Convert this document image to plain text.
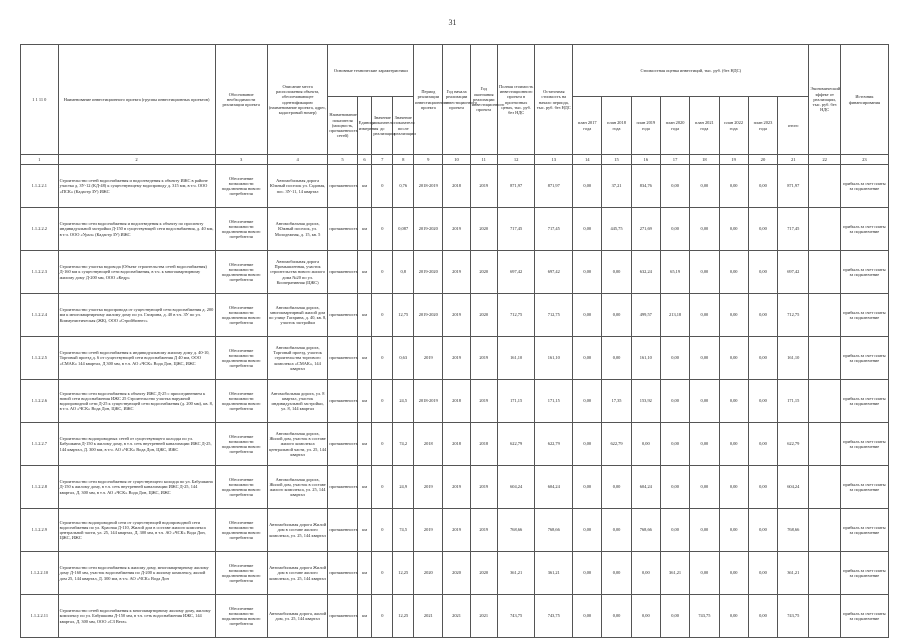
31
1 1 11 0	Наименование инвестиционного проекта (группы инвестиционных проектов)	Обоснование необходимости реализации проекта	Описание места расположения объекта, обеспечивающее идентификацию (наименование проекта, адрес, кадастровый номер)	Основные технические характеристики				Период реализации инвестиционного проекта	Год начала реализации инвестиционного проекта	Год окончания реализации инвестиционного проекта	Полная стоимость инвестиционного проекта в прогнозных ценах, тыс. руб. без НДС	Остаточная стоимость на начало периода, тыс. руб. без НДС	Стоимостная оценка инвестиций, тыс. руб. (без НДС)								Экономический эффект от реализации, тыс. руб. без НДС	Источник финансирования
				Наименование показателя (мощность, протяженность сетей)	Единица измерения	Значение показателя до реализации	Значение показателя после реализации						план 2017 года	план 2018 года	план 2019 года	план 2020 года	план 2021 года	план 2022 года	план 2023 года	итого		
1	2	3	4	5	6	7	8	9	10	11	12	13	14	15	16	17	18	19	20	21	22	23
1.1.2.2.1	Строительство сетей водоснабжения и водоотведения к объекту ИЖС в районе участка д. ЗУ-12 (КД-48) к существующему водопроводу д. 315 мм, в т.ч. ООО «ПСК» (Кадастр ЗУ) ИЖС	Обеспечение возможности подключения нового потребителя	Автомобильная дорога Южный поселок ул. Садовая, пос. ЗУ-11, 14 квартал	протяженность	км	0	0,76	2018-2019	2018	2019	871,97	871,97	0,00	37,21	834,76	0,00	0,00	0,00	0,00	871,97		прибыль за счет платы за подключение
1.1.2.2.2	Строительство сети водоснабжения и водоотведения к объекту по проспекту индивидуальной застройки Д-150 в существующей сети водоснабжения, д. 40 мм, в т.ч. ООО «Урал» (Кадастр ЗУ) ИЖС	Обеспечение возможности подключения нового потребителя	Автомобильная дорога, Южный поселок, ул. Молодежная, д. 15, кв. 5	протяженность	км	0	0,087	2019-2020	2019	2020	717,45	717,45	0,00	445,75	271,69	0,00	0,00	0,00	0,00	717,45		прибыль за счет платы за подключение
1.1.2.2.3	Строительство участка водовода (Объект строительства сетей водоснабжения) Д-160 мм к существующей сети водоснабжения, в т.ч. к многоквартирному жилому дому Д-200 мм, ООО «Кедр»	Обеспечение возможности подключения нового потребителя	Автомобильная дорога Промышленная, участок строительства нового жилого дома №20 по ул. Кооперативная (ЦЖС)	протяженность	км	0	0,8	2019-2020	2019	2020	697,42	697,42	0,00	0,00	632,24	65,19	0,00	0,00	0,00	697,42		прибыль за счет платы за подключение
1.1.2.2.4	Строительство участка водопровода от существующей сети водоснабжения д. 200 мм к многоквартирному жилому дому по ул. Гагарина, д. 40 в т.ч. ЗУ по ул. Коммунистическая (ЖК), ООО «Стройбизнес»	Обеспечение возможности подключения нового потребителя	Автомобильная дорога, многоквартирный жилой дом по улице Гагарина, д. 40, кв. 8, участок застройки	протяженность	км	0	12,75	2019-2020	2019	2020	712,75	712,75	0,00	0,00	499,57	213,18	0,00	0,00	0,00	712,75		прибыль за счет платы за подключение
1.1.2.2.5	Строительство сетей водоснабжения к индивидуальному жилому дому д. 40-10, Торговый проезд д. 6 от существующей сети водоснабжения Д 40 мм, ООО «СМАК» 144 квартал, Д 300 мм, в т.ч. АО «ЧСК» Вода Дон, ЦЖС, ИЖС	Обеспечение возможности подключения нового потребителя	Автомобильная дорога, Торговый проезд, участок строительства торгового комплекса «СМАК», 144 квартал	протяженность	км	0	0,63	2019	2019	2019	161,10	161,10	0,00	0,00	161,10	0,00	0,00	0,00	0,00	161,10		прибыль за счет платы за подключение
1.1.2.2.6	Строительство сети водоснабжения к объекту ИЖС Д-25 с присоединением к новой сети водоснабжения ИЖС 25 Строительство участка наружной водопроводной сети Д-25 к существующей сети водоснабжения (д. 200 мм), кв. 8, в т.ч. АО «ЧСК» Вода Дон, ЦЖС, ИЖС	Обеспечение возможности подключения нового потребителя	Автомобильная дорога, ул. 8 квартал, участок индивидуальной застройки, ул. 8, 144 квартал	протяженность	км	0	24,5	2018-2019	2018	2019	171,15	171,15	0,00	17,35	153,92	0,00	0,00	0,00	0,00	171,15		прибыль за счет платы за подключение
1.1.2.2.7	Строительство водопроводных сетей от существующего колодца по ул. Бабушкина Д-150 к жилому дому, в т.ч. сеть внутренней канализации ИЖС Д-25, 144 квартал, Д. 300 мм, в т.ч. АО «ЧСК» Вода Дон, ЦЖС, ИЖС	Обеспечение возможности подключения нового потребителя	Автомобильная дорога, Жилой дом, участок в составе жилого комплекса центральной части, ул. 25, 144 квартал	протяженность	км	0	74,2	2018	2018	2018	622,79	622,79	0,00	622,79	0,00	0,00	0,00	0,00	0,00	622,79		прибыль за счет платы за подключение
1.1.2.2.8	Строительство сети водоснабжения от существующего колодца по ул. Бабушкина Д-150 к жилому дому, в т.ч. сеть внутренней канализации ИЖС Д-25, 144 квартал, Д. 300 мм, в т.ч. АО «ЧСК» Вода Дон, ЦЖС, ИЖС	Обеспечение возможности подключения нового потребителя	Автомобильная дорога, Жилой дом, участок в составе жилого комплекса, ул. 25, 144 квартал	протяженность	км	0	24,9	2019	2019	2019	604,24	604,24	0,00	0,00	604,24	0,00	0,00	0,00	0,00	604,24		прибыль за счет платы за подключение
1.1.2.2.9	Строительство водопроводной сети от существующей водопроводной сети водоснабжения по ул. Красная Д-110, Жилой дом в составе жилого комплекса центральной части, ул. 25, 144 квартал, Д. 300 мм, в т.ч. АО «ЧСК» Вода Дон, ЦЖС, ИЖС	Обеспечение возможности подключения нового потребителя	Автомобильная дорога Жилой дом в составе жилого комплекса, ул. 25, 144 квартал	протяженность	км	0	74,5	2019	2019	2019	768,66	768,66	0,00	0,00	768,66	0,00	0,00	0,00	0,00	768,66		прибыль за счет платы за подключение
1.1.2.2.10	Строительство сети водоснабжения к жилому дому, многоквартирному жилому дому Д-160 мм, участок водоснабжения по Д-200 к жилому комплексу, жилой дом 25, 144 квартал, Д. 300 мм, в т.ч. АО «ЧСК» Вода Дон	Обеспечение возможности подключения нового потребителя	Автомобильная дорога Жилой дом в составе жилого комплекса, ул. 25, 144 квартал	протяженность	км	0	12,25	2020	2020	2020	361,21	361,21	0,00	0,00	0,00	361,21	0,00	0,00	0,00	361,21		прибыль за счет платы за подключение
1.1.2.2.11	Строительство сетей водоснабжения к многоквартирному жилому дому, жилому комплексу по ул. Бабушкина Д-150 мм, в т.ч. сеть водоснабжения ИЖС, 144 квартал, Д. 300 мм, ООО «СЗ Вега»	Обеспечение возможности подключения нового потребителя	Автомобильная дорога, жилой дом, ул. 25, 144 квартал	протяженность	км	0	12,25	2021	2021	2021	743,75	743,75	0,00	0,00	0,00	0,00	743,75	0,00	0,00	743,75		прибыль за счет платы за подключение
